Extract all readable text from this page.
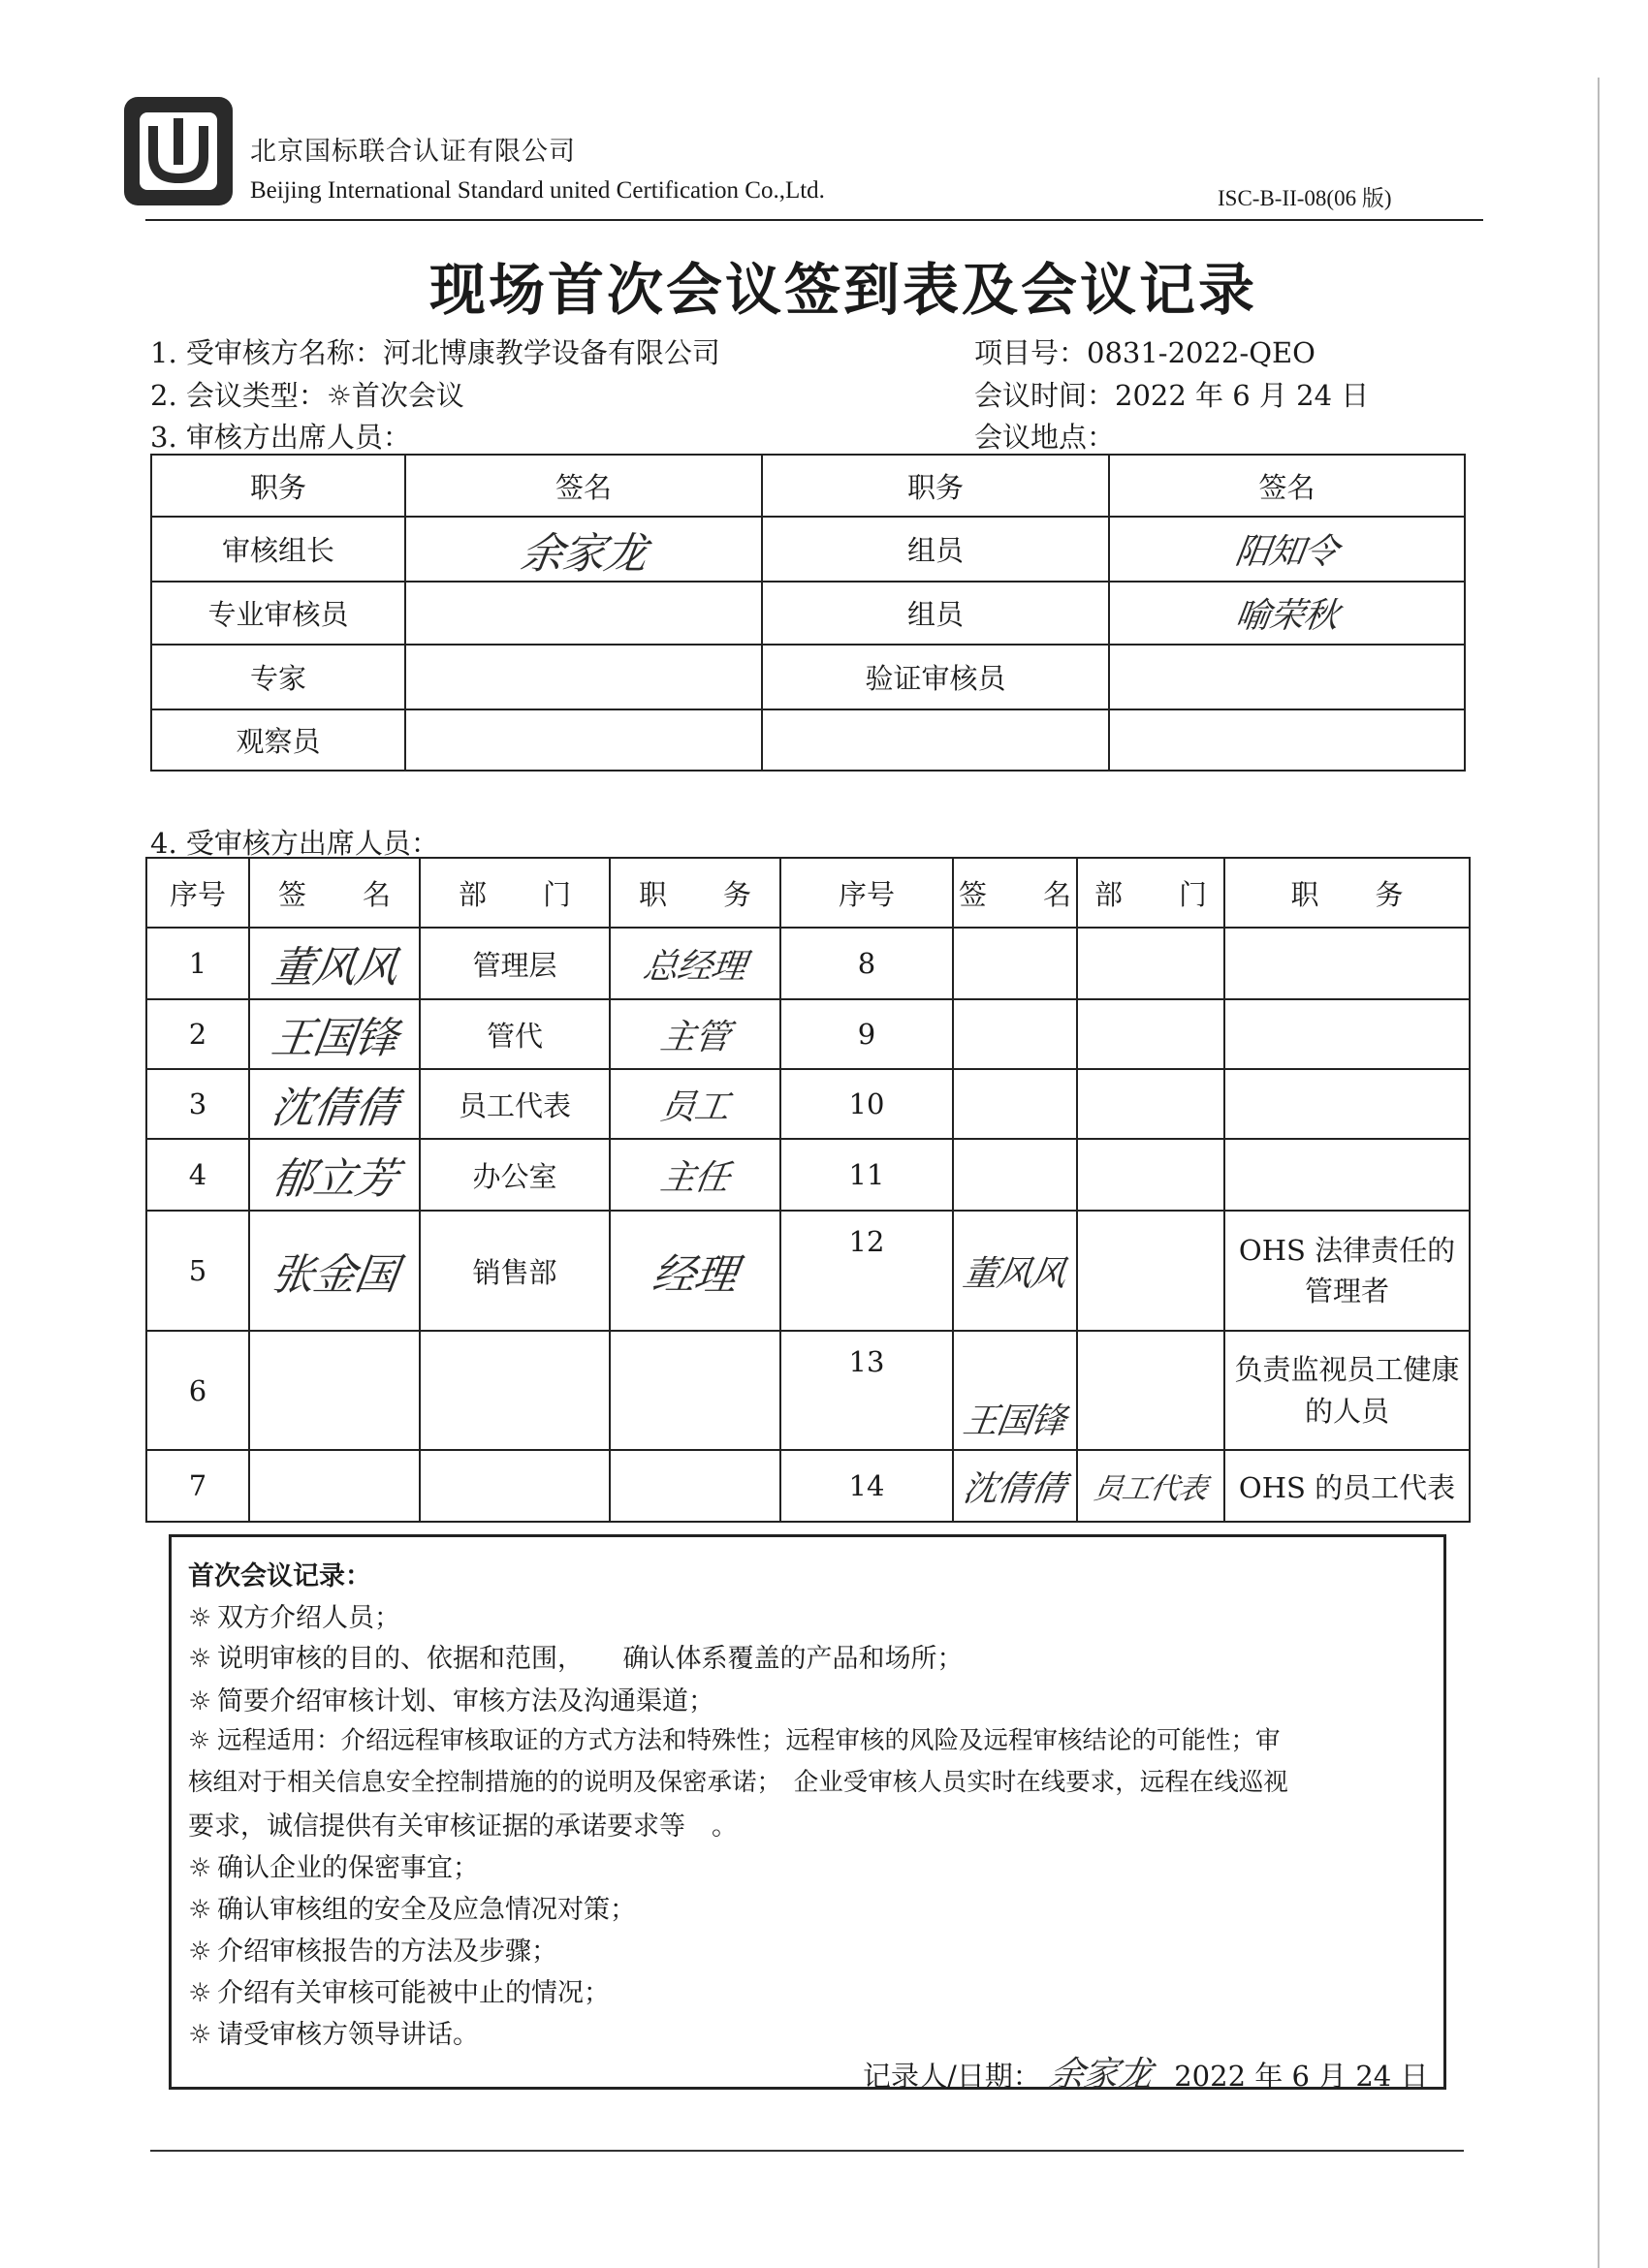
北京国标联合认证有限公司
Beijing International Standard united Certification Co.,Ltd.	ISC-B-II-08(06 版)
现场首次会议签到表及会议记录
1. 受审核方名称：河北博康教学设备有限公司	项目号：0831-2022-QEO
2. 会议类型：☼首次会议	会议时间：2022 年 6 月 24 日
3. 审核方出席人员：	会议地点：
职务	签名	职务	签名
审核组长	余家龙	组员	阳知令
专业审核员		组员	喻荣秋
专家		验证审核员	
观察员			
4. 受审核方出席人员：
序号	签　　名	部　　门	职　　务	序号	签　　名	部　　门	职　　务
1	董风风	管理层	总经理	8			
2	王国锋	管代	主管	9			
3	沈倩倩	员工代表	员工	10			
4	郁立芳	办公室	主任	11			
5	张金国	销售部	经理	12	董风风		OHS 法律责任的管理者
6				13	王国锋		负责监视员工健康的人员
7				14	沈倩倩	员工代表	OHS 的员工代表
首次会议记录：
☼ 双方介绍人员；
☼ 说明审核的目的、依据和范围，　　确认体系覆盖的产品和场所；
☼ 简要介绍审核计划、审核方法及沟通渠道；
☼ 远程适用：介绍远程审核取证的方式方法和特殊性；远程审核的风险及远程审核结论的可能性；审
核组对于相关信息安全控制措施的的说明及保密承诺；　企业受审核人员实时在线要求，远程在线巡视
要求，诚信提供有关审核证据的承诺要求等　。
☼ 确认企业的保密事宜；
☼ 确认审核组的安全及应急情况对策；
☼ 介绍审核报告的方法及步骤；
☼ 介绍有关审核可能被中止的情况；
☼ 请受审核方领导讲话。
记录人/日期： 余家龙 2022 年 6 月 24 日
